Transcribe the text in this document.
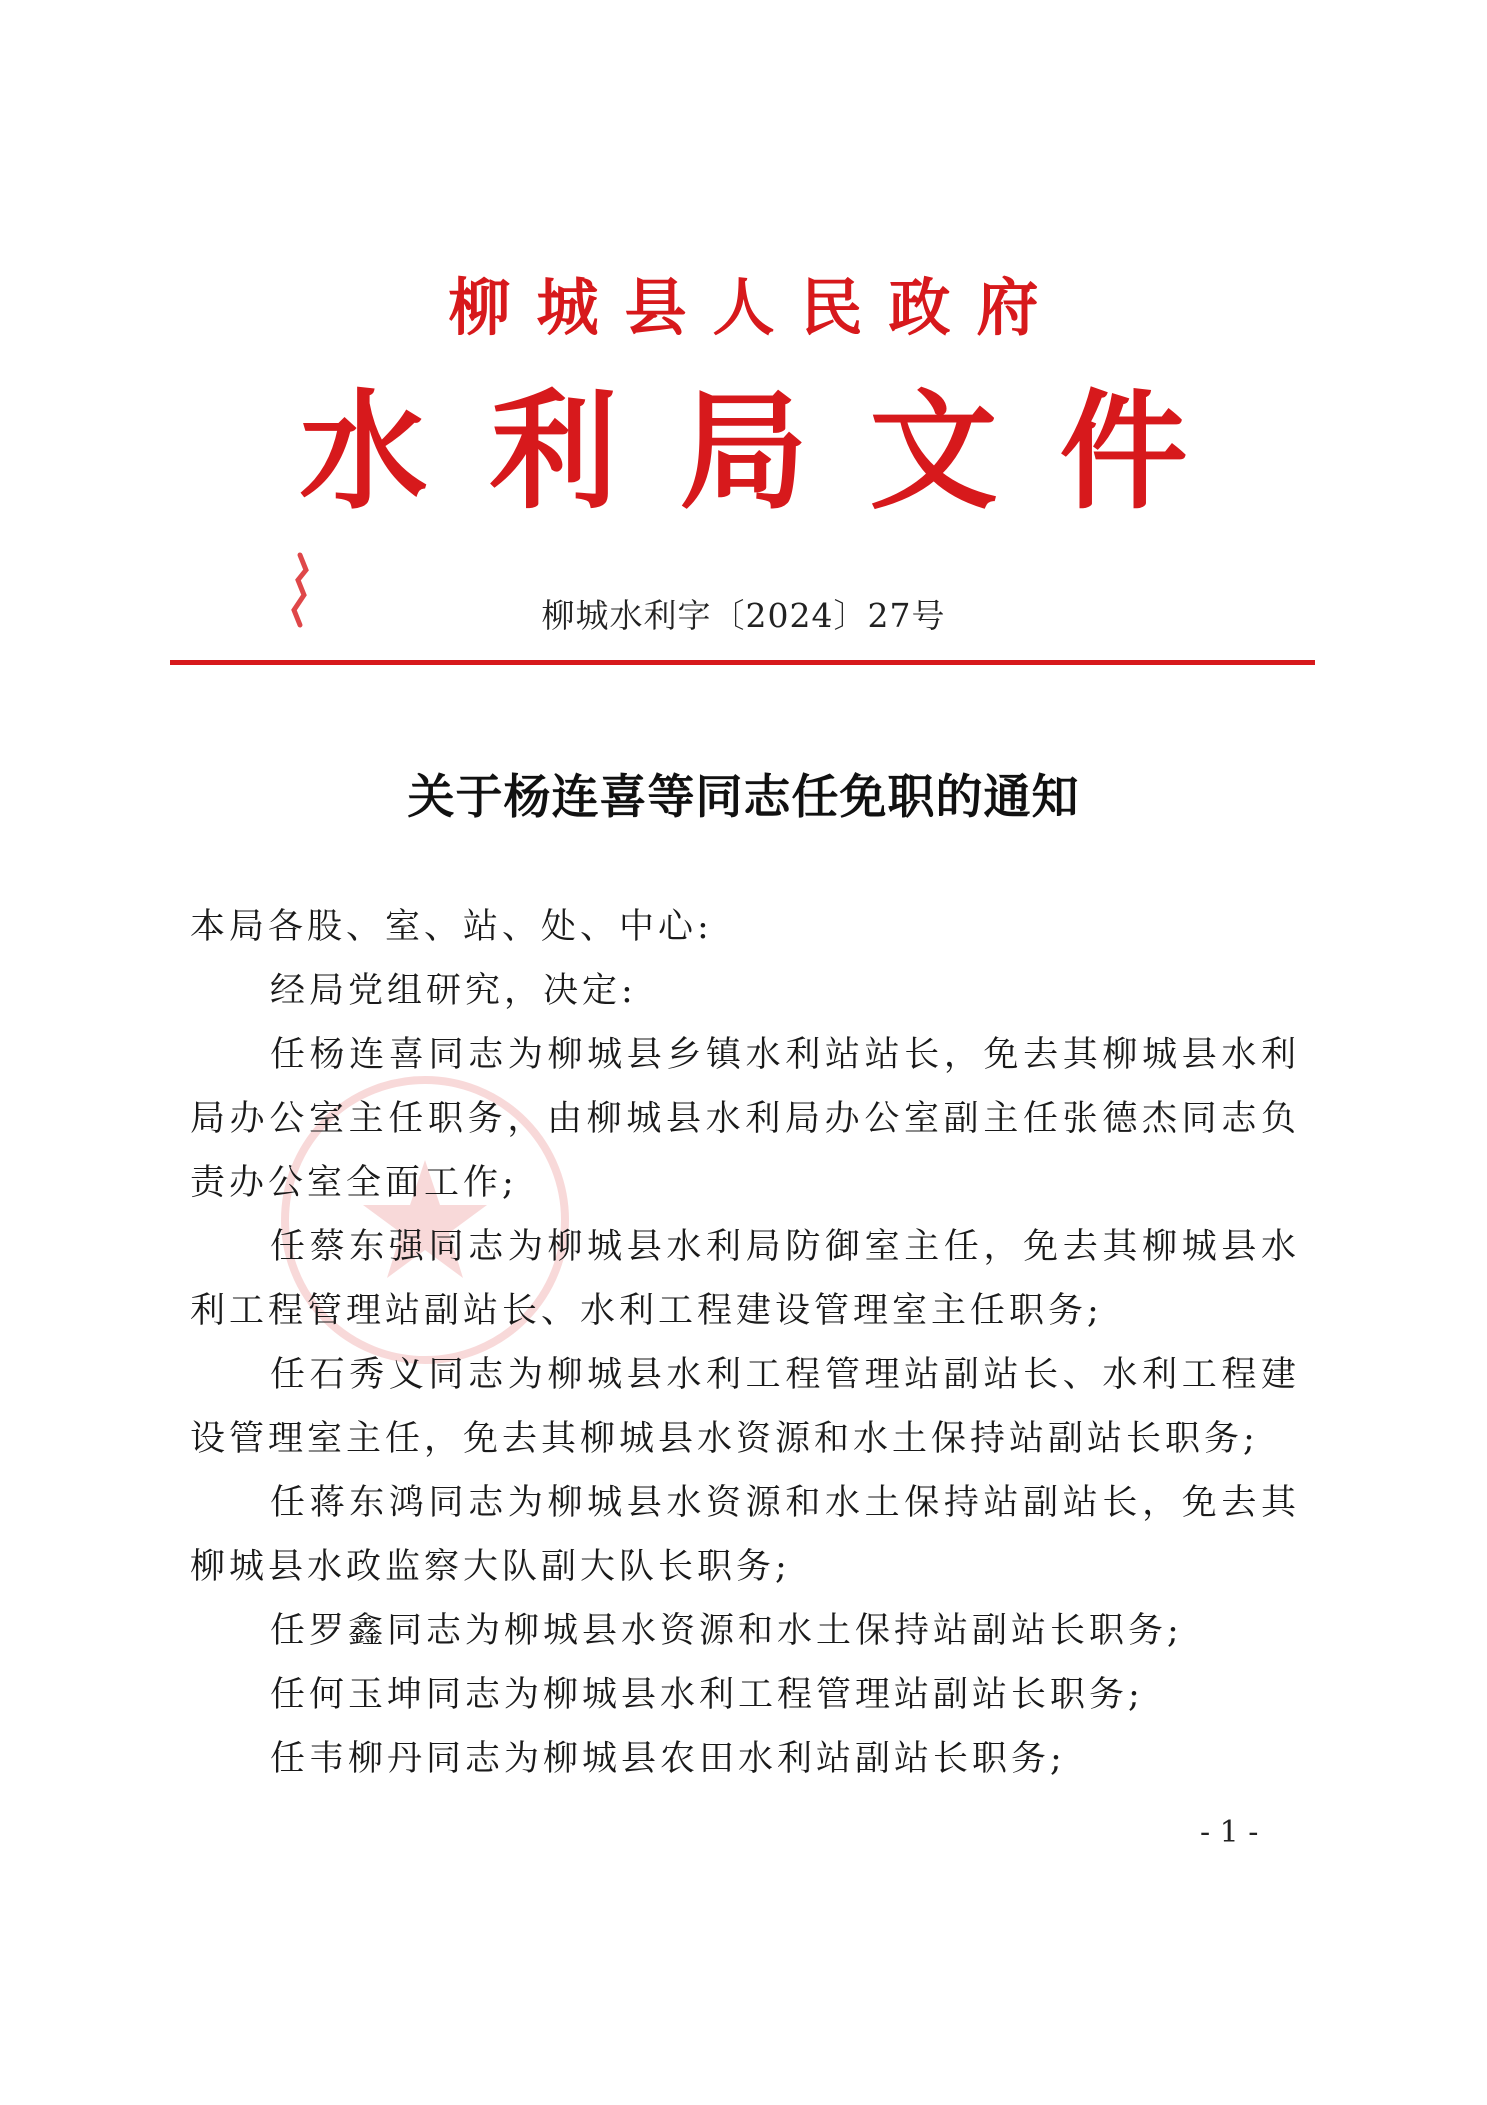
柳城县人民政府
水利局文件
柳城水利字〔2024〕27号
关于杨连喜等同志任免职的通知

本局各股、室、站、处、中心:

经局党组研究，决定:

任杨连喜同志为柳城县乡镇水利站站长，免去其柳城县水利局办公室主任职务，由柳城县水利局办公室副主任张德杰同志负责办公室全面工作;

任蔡东强同志为柳城县水利局防御室主任，免去其柳城县水利工程管理站副站长、水利工程建设管理室主任职务;

任石秀义同志为柳城县水利工程管理站副站长、水利工程建设管理室主任，免去其柳城县水资源和水土保持站副站长职务;

任蒋东鸿同志为柳城县水资源和水土保持站副站长，免去其柳城县水政监察大队副大队长职务;

任罗鑫同志为柳城县水资源和水土保持站副站长职务;

任何玉坤同志为柳城县水利工程管理站副站长职务;

任韦柳丹同志为柳城县农田水利站副站长职务;

- 1 -
